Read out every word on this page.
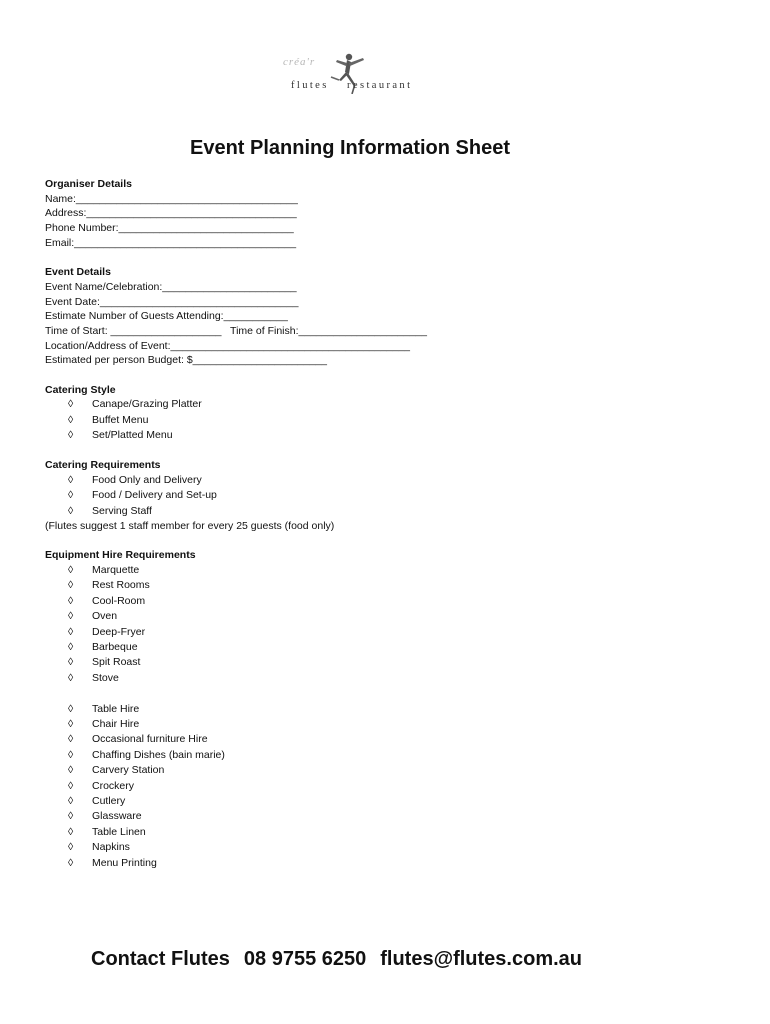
créa'r
flutes restaurant
Event Planning Information Sheet
Organiser Details
Name:______________________________________
Address:____________________________________
Phone Number:______________________________
Email:______________________________________
Event Details
Event Name/Celebration:_______________________
Event Date:__________________________________
Estimate Number of Guests Attending:___________
Time of Start: ___________________   Time of Finish:______________________
Location/Address of Event:_________________________________________
Estimated per person Budget: $_______________________
Catering Style
◊ Canape/Grazing Platter
◊ Buffet Menu
◊ Set/Platted Menu
Catering Requirements
◊ Food Only and Delivery
◊ Food / Delivery and Set-up
◊ Serving Staff
(Flutes suggest 1 staff member for every 25 guests (food only)
Equipment Hire Requirements
◊ Marquette
◊ Rest Rooms
◊ Cool-Room
◊ Oven
◊ Deep-Fryer
◊ Barbeque
◊ Spit Roast
◊ Stove
◊ Table Hire
◊ Chair Hire
◊ Occasional furniture Hire
◊ Chaffing Dishes (bain marie)
◊ Carvery Station
◊ Crockery
◊ Cutlery
◊ Glassware
◊ Table Linen
◊ Napkins
◊ Menu Printing
Contact Flutes 08 9755 6250 flutes@flutes.com.au
